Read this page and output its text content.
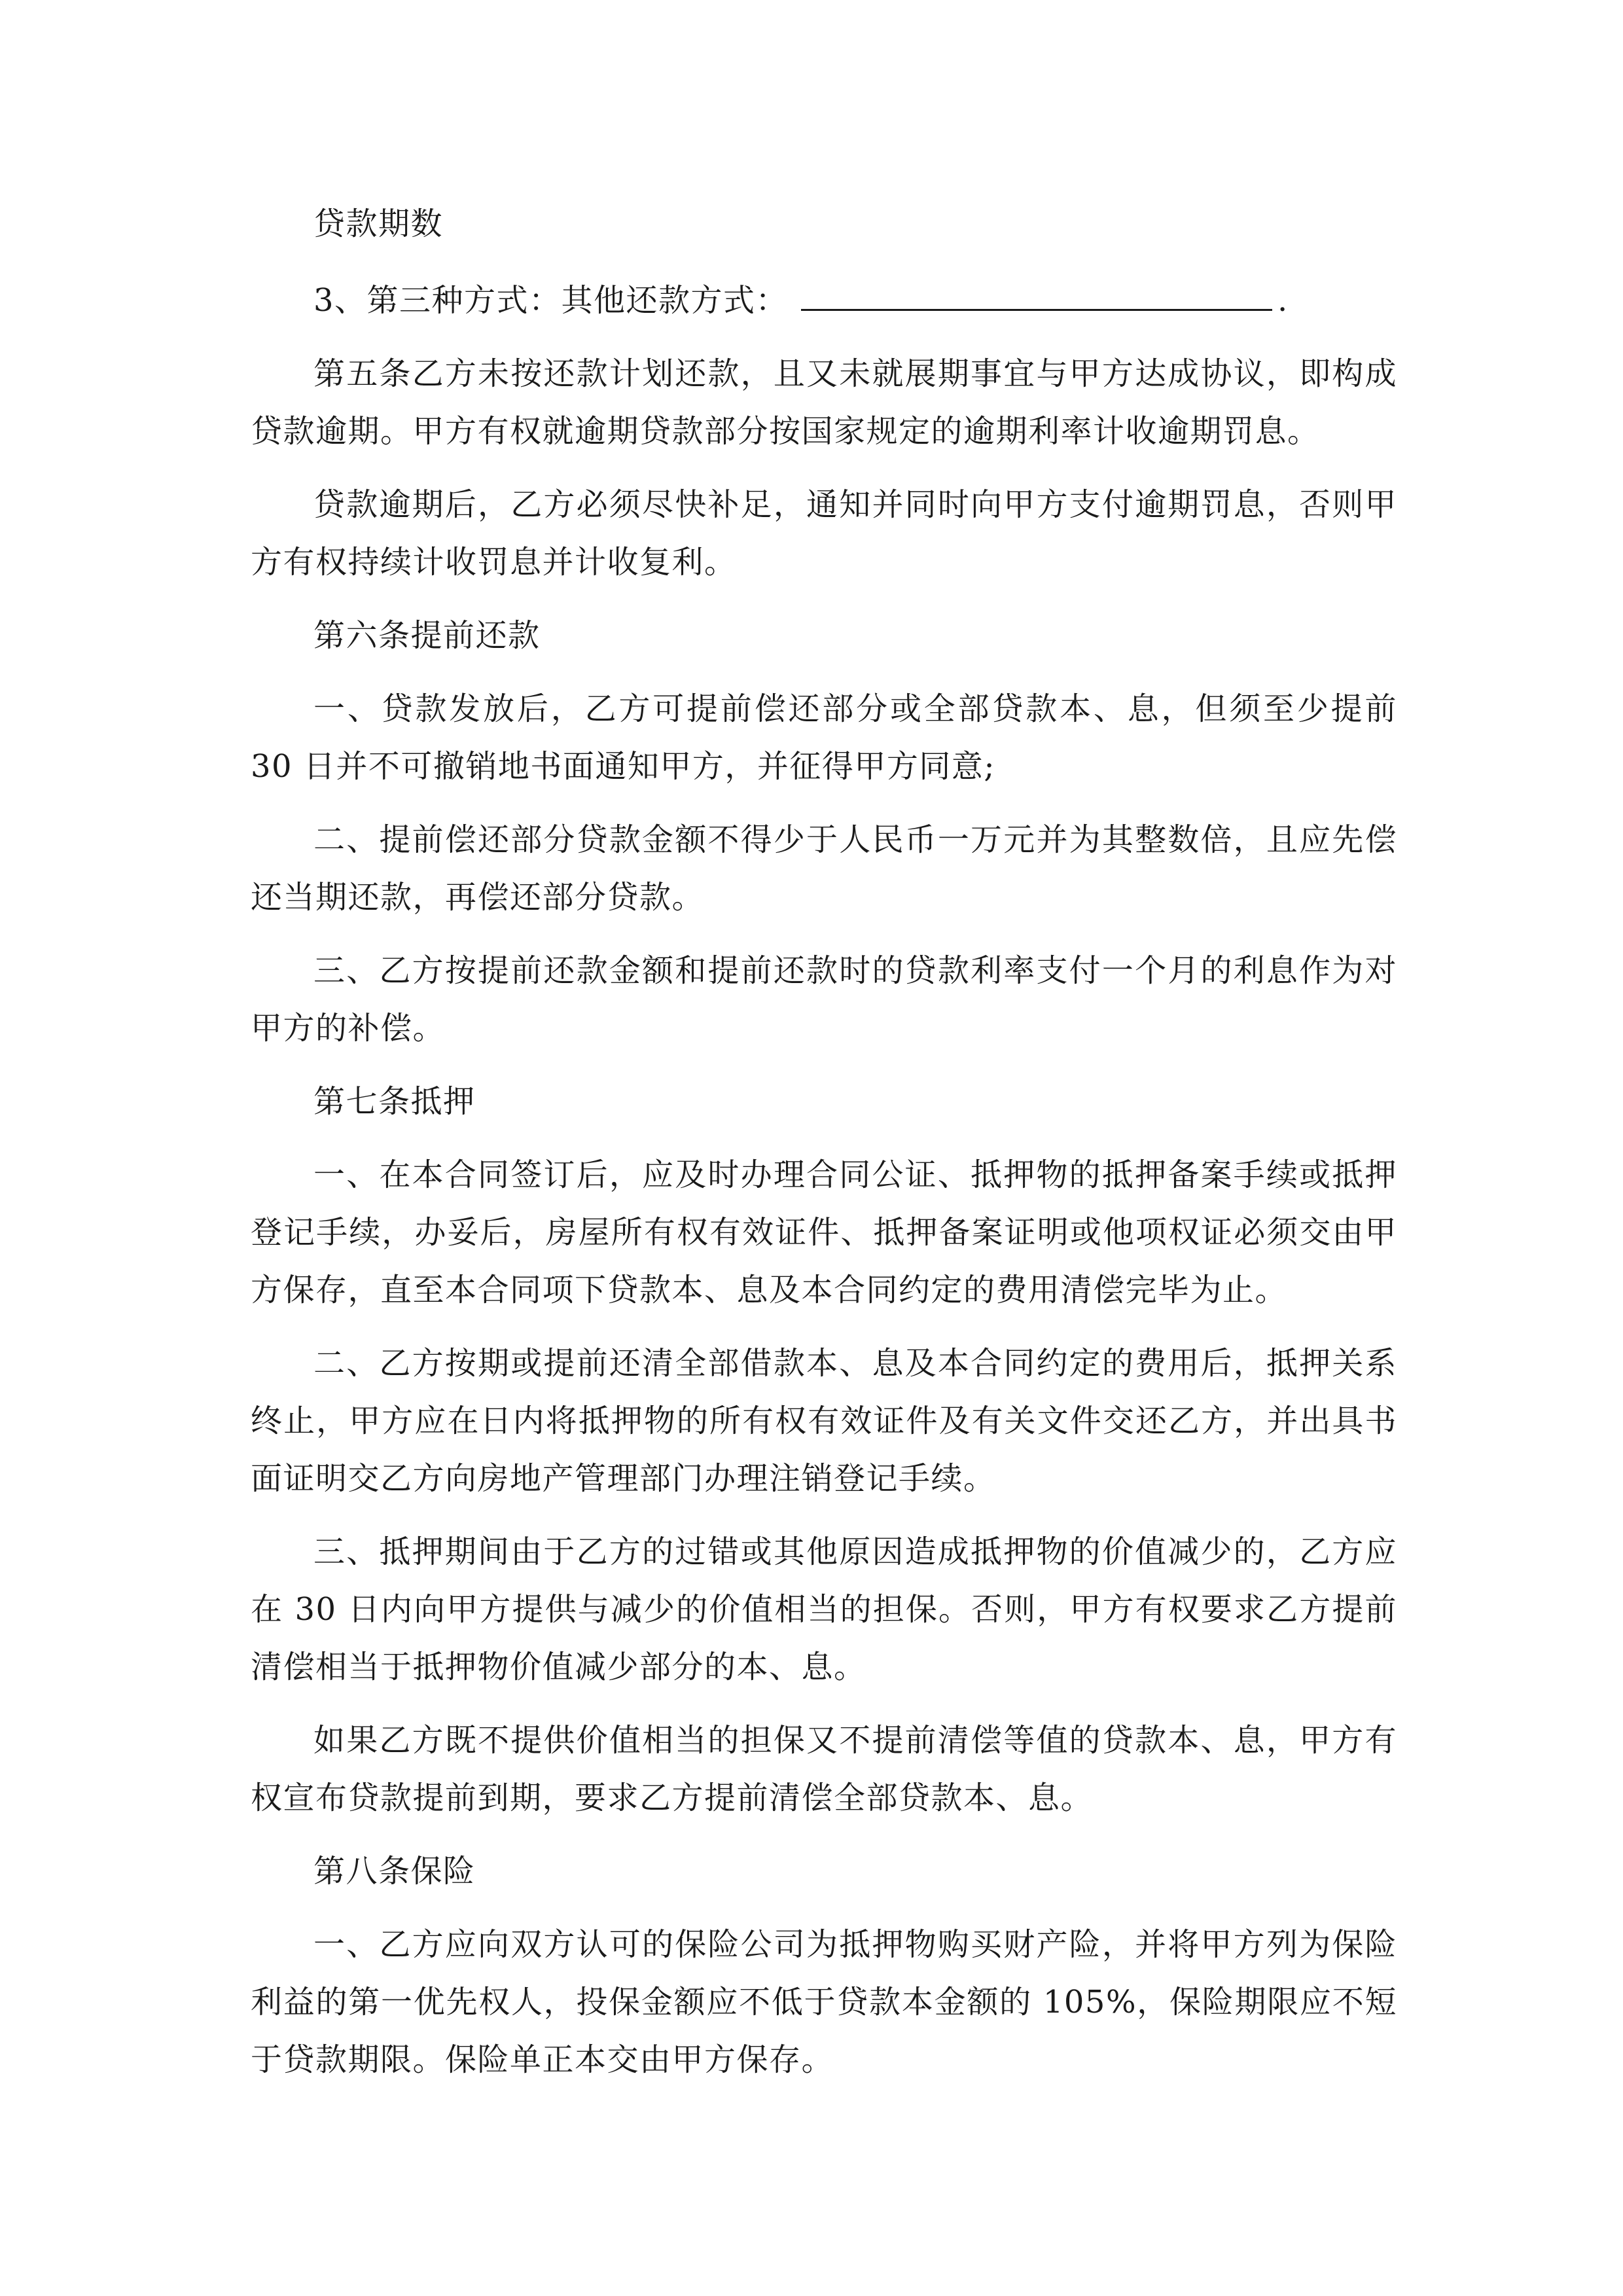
贷款期数

3、第三种方式：其他还款方式：	.

第五条乙方未按还款计划还款，且又未就展期事宜与甲方达成协议，即构成贷款逾期。甲方有权就逾期贷款部分按国家规定的逾期利率计收逾期罚息。

贷款逾期后，乙方必须尽快补足，通知并同时向甲方支付逾期罚息，否则甲方有权持续计收罚息并计收复利。

第六条提前还款

一、贷款发放后，乙方可提前偿还部分或全部贷款本、息，但须至少提前 30 日并不可撤销地书面通知甲方，并征得甲方同意;

二、提前偿还部分贷款金额不得少于人民币一万元并为其整数倍，且应先偿还当期还款，再偿还部分贷款。

三、乙方按提前还款金额和提前还款时的贷款利率支付一个月的利息作为对甲方的补偿。

第七条抵押

一、在本合同签订后，应及时办理合同公证、抵押物的抵押备案手续或抵押登记手续，办妥后，房屋所有权有效证件、抵押备案证明或他项权证必须交由甲方保存，直至本合同项下贷款本、息及本合同约定的费用清偿完毕为止。

二、乙方按期或提前还清全部借款本、息及本合同约定的费用后，抵押关系终止，甲方应在日内将抵押物的所有权有效证件及有关文件交还乙方，并出具书面证明交乙方向房地产管理部门办理注销登记手续。

三、抵押期间由于乙方的过错或其他原因造成抵押物的价值减少的，乙方应在 30 日内向甲方提供与减少的价值相当的担保。否则，甲方有权要求乙方提前清偿相当于抵押物价值减少部分的本、息。

如果乙方既不提供价值相当的担保又不提前清偿等值的贷款本、息，甲方有权宣布贷款提前到期，要求乙方提前清偿全部贷款本、息。

第八条保险

一、乙方应向双方认可的保险公司为抵押物购买财产险，并将甲方列为保险利益的第一优先权人，投保金额应不低于贷款本金额的 105%，保险期限应不短于贷款期限。保险单正本交由甲方保存。
